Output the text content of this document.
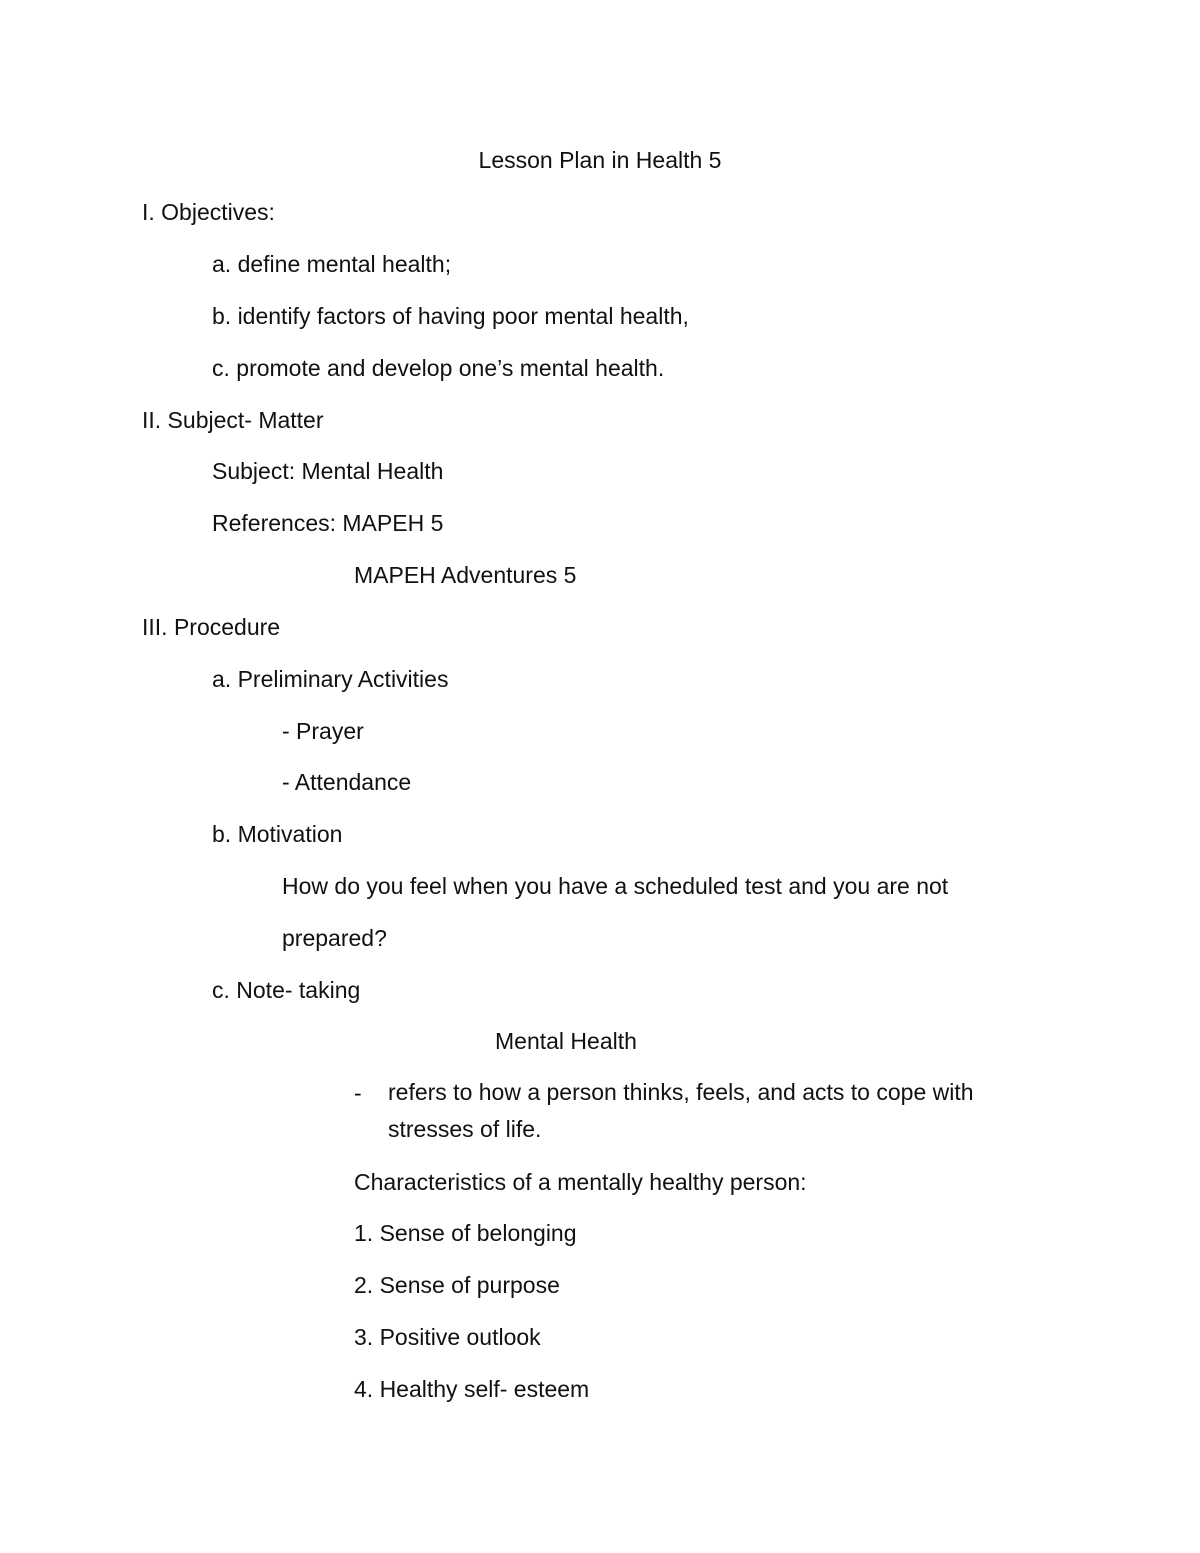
Lesson Plan in Health 5
I. Objectives:
a. define mental health;
b. identify factors of having poor mental health,
c. promote and develop one’s mental health.
II. Subject- Matter
Subject: Mental Health
References: MAPEH 5
MAPEH Adventures 5
III. Procedure
a. Preliminary Activities
- Prayer
- Attendance
b. Motivation
How do you feel when you have a scheduled test and you are not
prepared?
c. Note- taking
Mental Health
- refers to how a person thinks, feels, and acts to cope with stresses of life.
Characteristics of a mentally healthy person:
1. Sense of belonging
2. Sense of purpose
3. Positive outlook
4. Healthy self- esteem
